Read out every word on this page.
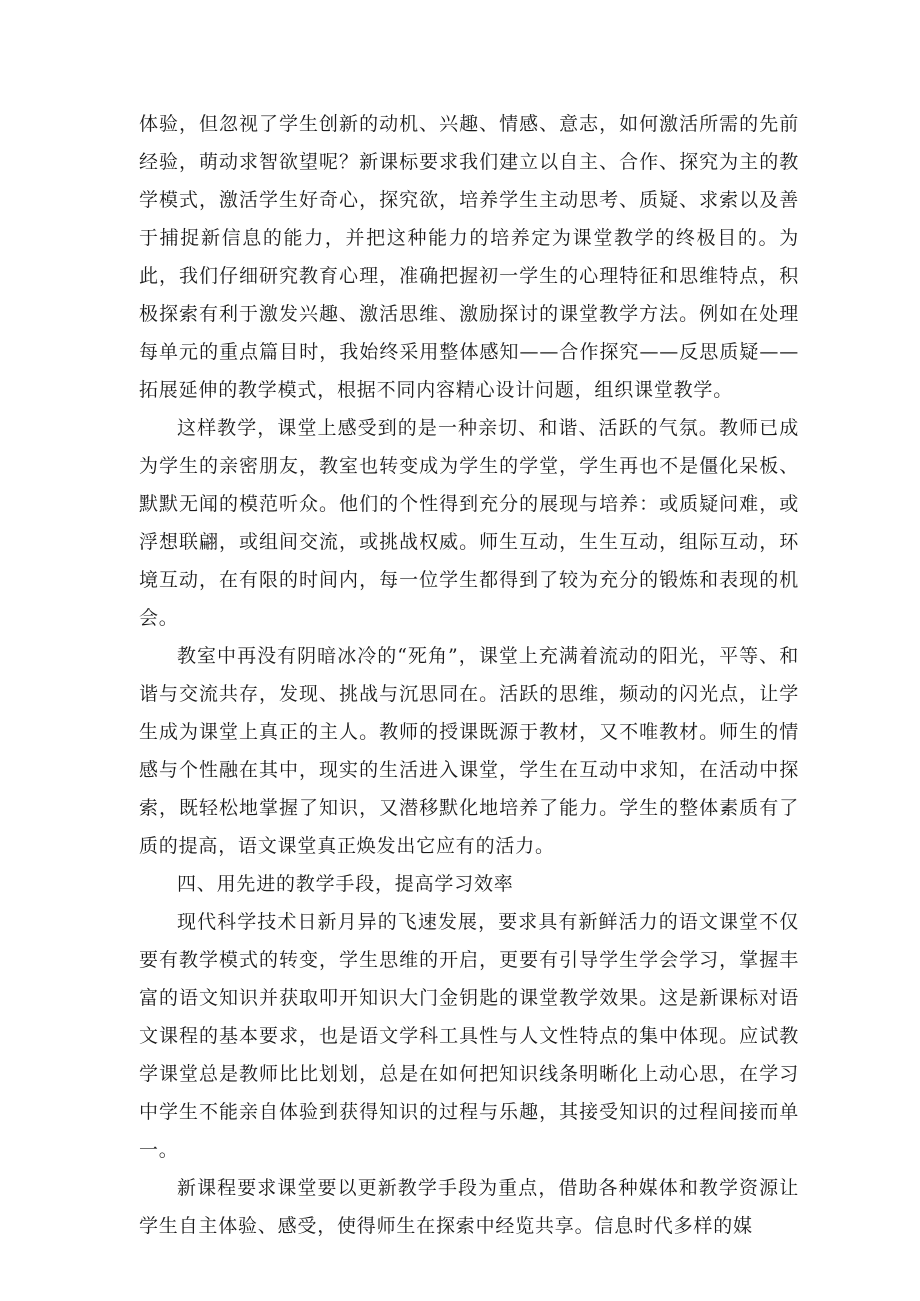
体验，但忽视了学生创新的动机、兴趣、情感、意志，如何激活所需的先前经验，萌动求智欲望呢？新课标要求我们建立以自主、合作、探究为主的教学模式，激活学生好奇心，探究欲，培养学生主动思考、质疑、求索以及善于捕捉新信息的能力，并把这种能力的培养定为课堂教学的终极目的。为此，我们仔细研究教育心理，准确把握初一学生的心理特征和思维特点，积极探索有利于激发兴趣、激活思维、激励探讨的课堂教学方法。例如在处理每单元的重点篇目时，我始终采用整体感知——合作探究——反思质疑——拓展延伸的教学模式，根据不同内容精心设计问题，组织课堂教学。

这样教学，课堂上感受到的是一种亲切、和谐、活跃的气氛。教师已成为学生的亲密朋友，教室也转变成为学生的学堂，学生再也不是僵化呆板、默默无闻的模范听众。他们的个性得到充分的展现与培养：或质疑问难，或浮想联翩，或组间交流，或挑战权威。师生互动，生生互动，组际互动，环境互动，在有限的时间内，每一位学生都得到了较为充分的锻炼和表现的机会。

教室中再没有阴暗冰冷的“死角”，课堂上充满着流动的阳光，平等、和谐与交流共存，发现、挑战与沉思同在。活跃的思维，频动的闪光点，让学生成为课堂上真正的主人。教师的授课既源于教材，又不唯教材。师生的情感与个性融在其中，现实的生活进入课堂，学生在互动中求知，在活动中探索，既轻松地掌握了知识，又潜移默化地培养了能力。学生的整体素质有了质的提高，语文课堂真正焕发出它应有的活力。

四、用先进的教学手段，提高学习效率

现代科学技术日新月异的飞速发展，要求具有新鲜活力的语文课堂不仅要有教学模式的转变，学生思维的开启，更要有引导学生学会学习，掌握丰富的语文知识并获取叩开知识大门金钥匙的课堂教学效果。这是新课标对语文课程的基本要求，也是语文学科工具性与人文性特点的集中体现。应试教学课堂总是教师比比划划，总是在如何把知识线条明晰化上动心思，在学习中学生不能亲自体验到获得知识的过程与乐趣，其接受知识的过程间接而单一。

新课程要求课堂要以更新教学手段为重点，借助各种媒体和教学资源让学生自主体验、感受，使得师生在探索中经览共享。信息时代多样的媒
